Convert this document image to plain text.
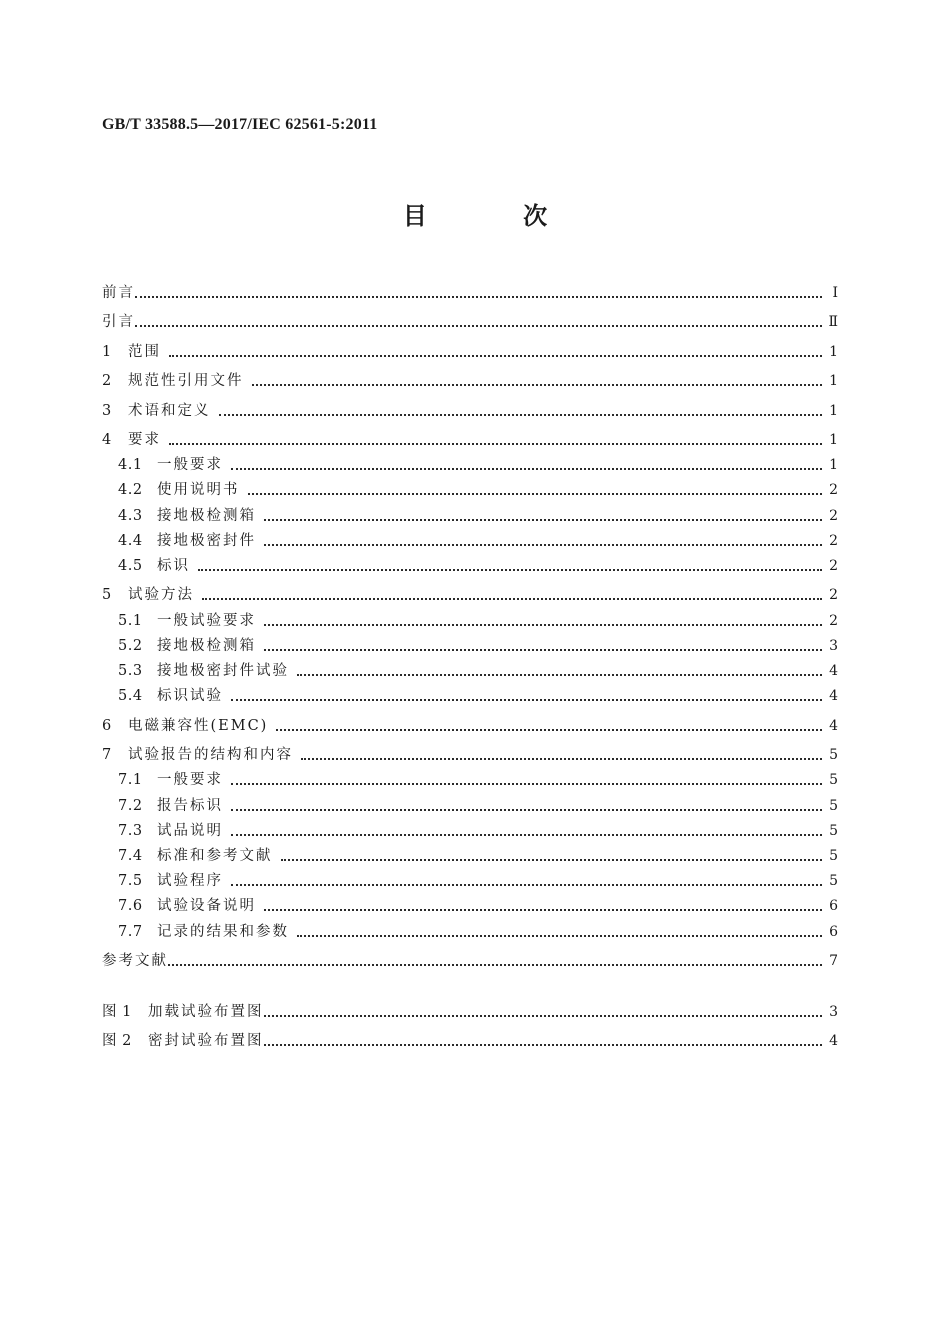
GB/T 33588.5—2017/IEC 62561-5:2011
目 次
前言	Ⅰ
引言	Ⅱ
1	范围	1
2	规范性引用文件	1
3	术语和定义	1
4	要求	1
4.1 一般要求	1
4.2 使用说明书	2
4.3 接地极检测箱	2
4.4 接地极密封件	2
4.5 标识	2
5	试验方法	2
5.1 一般试验要求	2
5.2 接地极检测箱	3
5.3 接地极密封件试验	4
5.4 标识试验	4
6	电磁兼容性(EMC)	4
7	试验报告的结构和内容	5
7.1 一般要求	5
7.2 报告标识	5
7.3 试品说明	5
7.4 标准和参考文献	5
7.5 试验程序	5
7.6 试验设备说明	6
7.7 记录的结果和参数	6
参考文献	7
图 1	加载试验布置图	3
图 2	密封试验布置图	4
